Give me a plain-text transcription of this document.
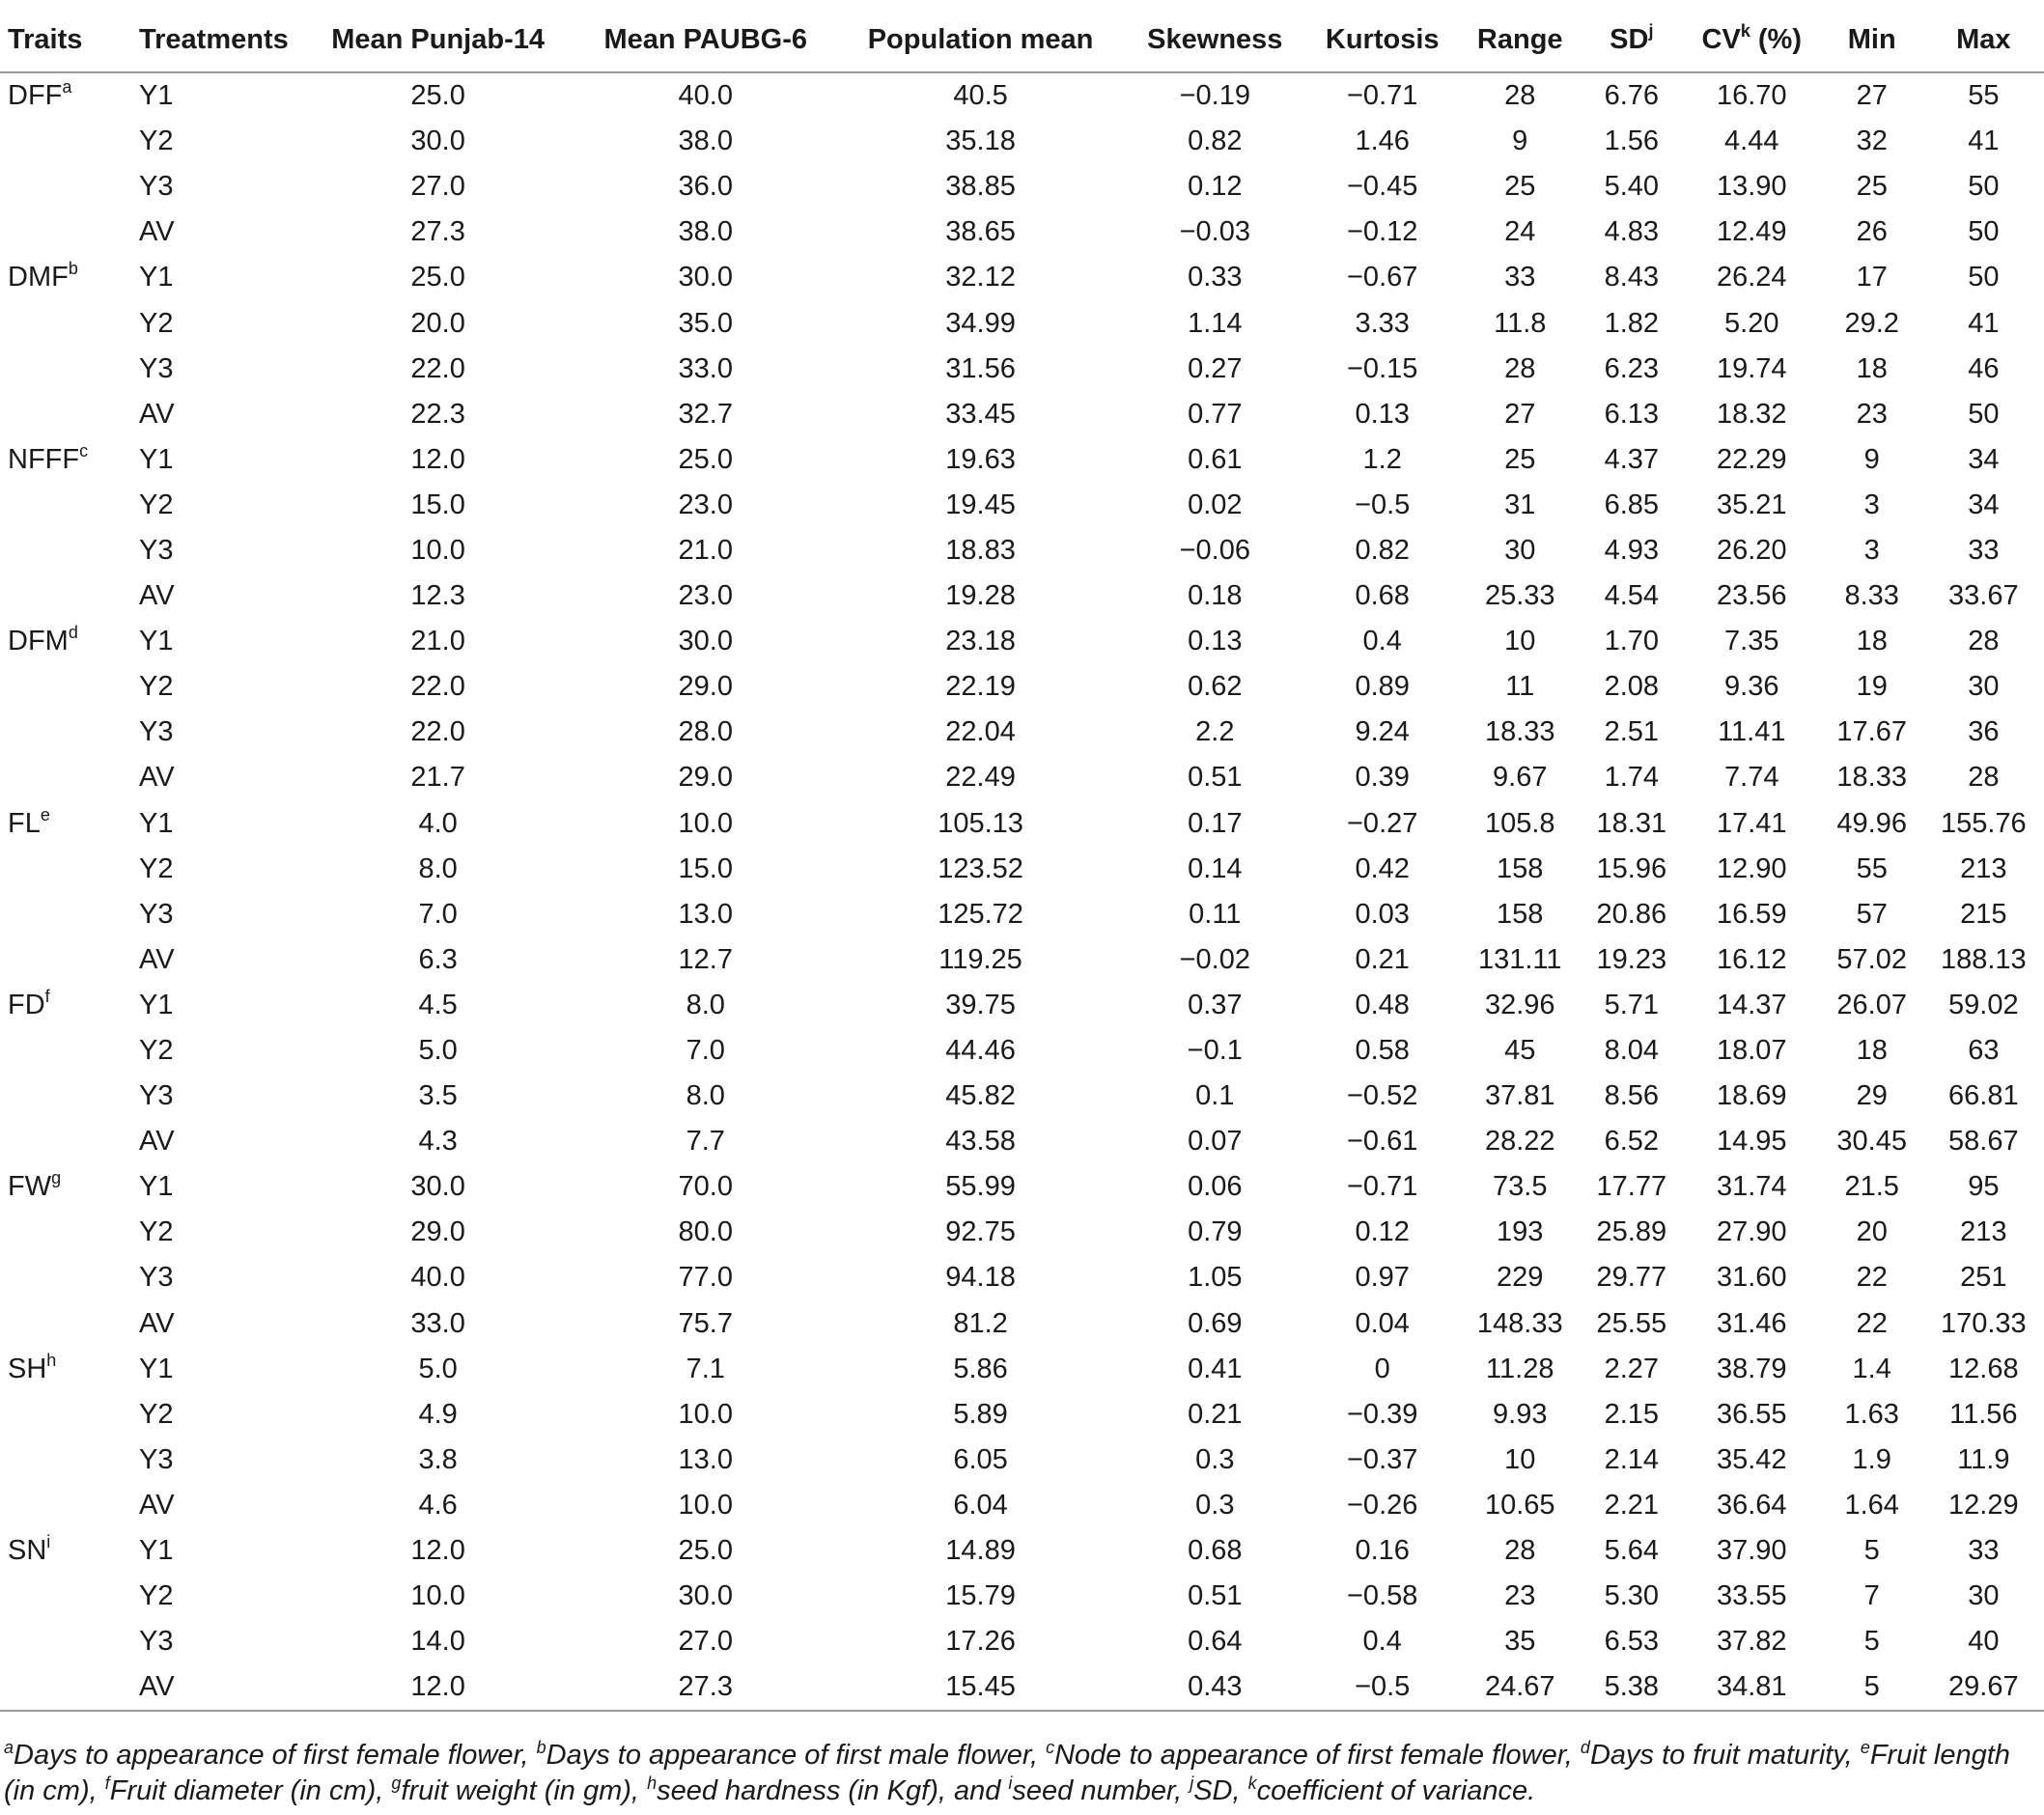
Traits	Treatments	Mean Punjab-14	Mean PAUBG-6	Population mean	Skewness	Kurtosis	Range	$SD^j$	$CV^k$ (%)	Min	Max
DFF$^a$	Y1	25.0	40.0	40.5	−0.19	−0.71	28	6.76	16.70	27	55
	Y2	30.0	38.0	35.18	0.82	1.46	9	1.56	4.44	32	41
	Y3	27.0	36.0	38.85	0.12	−0.45	25	5.40	13.90	25	50
	AV	27.3	38.0	38.65	−0.03	−0.12	24	4.83	12.49	26	50
DMF$^b$	Y1	25.0	30.0	32.12	0.33	−0.67	33	8.43	26.24	17	50
	Y2	20.0	35.0	34.99	1.14	3.33	11.8	1.82	5.20	29.2	41
	Y3	22.0	33.0	31.56	0.27	−0.15	28	6.23	19.74	18	46
	AV	22.3	32.7	33.45	0.77	0.13	27	6.13	18.32	23	50
NFFF$^c$	Y1	12.0	25.0	19.63	0.61	1.2	25	4.37	22.29	9	34
	Y2	15.0	23.0	19.45	0.02	−0.5	31	6.85	35.21	3	34
	Y3	10.0	21.0	18.83	−0.06	0.82	30	4.93	26.20	3	33
	AV	12.3	23.0	19.28	0.18	0.68	25.33	4.54	23.56	8.33	33.67
DFM$^d$	Y1	21.0	30.0	23.18	0.13	0.4	10	1.70	7.35	18	28
	Y2	22.0	29.0	22.19	0.62	0.89	11	2.08	9.36	19	30
	Y3	22.0	28.0	22.04	2.2	9.24	18.33	2.51	11.41	17.67	36
	AV	21.7	29.0	22.49	0.51	0.39	9.67	1.74	7.74	18.33	28
$FL^e$	Y1	4.0	10.0	105.13	0.17	−0.27	105.8	18.31	17.41	49.96	155.76
	Y2	8.0	15.0	123.52	0.14	0.42	158	15.96	12.90	55	213
	Y3	7.0	13.0	125.72	0.11	0.03	158	20.86	16.59	57	215
	AV	6.3	12.7	119.25	−0.02	0.21	131.11	19.23	16.12	57.02	188.13
$FD^f$	Y1	4.5	8.0	39.75	0.37	0.48	32.96	5.71	14.37	26.07	59.02
	Y2	5.0	7.0	44.46	−0.1	0.58	45	8.04	18.07	18	63
	Y3	3.5	8.0	45.82	0.1	−0.52	37.81	8.56	18.69	29	66.81
	AV	4.3	7.7	43.58	0.07	−0.61	28.22	6.52	14.95	30.45	58.67
$FW^g$	Y1	30.0	70.0	55.99	0.06	−0.71	73.5	17.77	31.74	21.5	95
	Y2	29.0	80.0	92.75	0.79	0.12	193	25.89	27.90	20	213
	Y3	40.0	77.0	94.18	1.05	0.97	229	29.77	31.60	22	251
	AV	33.0	75.7	81.2	0.69	0.04	148.33	25.55	31.46	22	170.33
$SH^h$	Y1	5.0	7.1	5.86	0.41	0	11.28	2.27	38.79	1.4	12.68
	Y2	4.9	10.0	5.89	0.21	−0.39	9.93	2.15	36.55	1.63	11.56
	Y3	3.8	13.0	6.05	0.3	−0.37	10	2.14	35.42	1.9	11.9
	AV	4.6	10.0	6.04	0.3	−0.26	10.65	2.21	36.64	1.64	12.29
$SN^i$	Y1	12.0	25.0	14.89	0.68	0.16	28	5.64	37.90	5	33
	Y2	10.0	30.0	15.79	0.51	−0.58	23	5.30	33.55	7	30
	Y3	14.0	27.0	17.26	0.64	0.4	35	6.53	37.82	5	40
	AV	12.0	27.3	15.45	0.43	−0.5	24.67	5.38	34.81	5	29.67
$^a$Days to appearance of first female flower, $^b$Days to appearance of first male flower, $^c$Node to appearance of first female flower, $^d$Days to fruit maturity, $^e$Fruit length (in cm), $^f$Fruit diameter (in cm), $^g$fruit weight (in gm), $^h$seed hardness (in Kgf), and $^i$seed number, $^j$SD, $^k$coefficient of variance.
